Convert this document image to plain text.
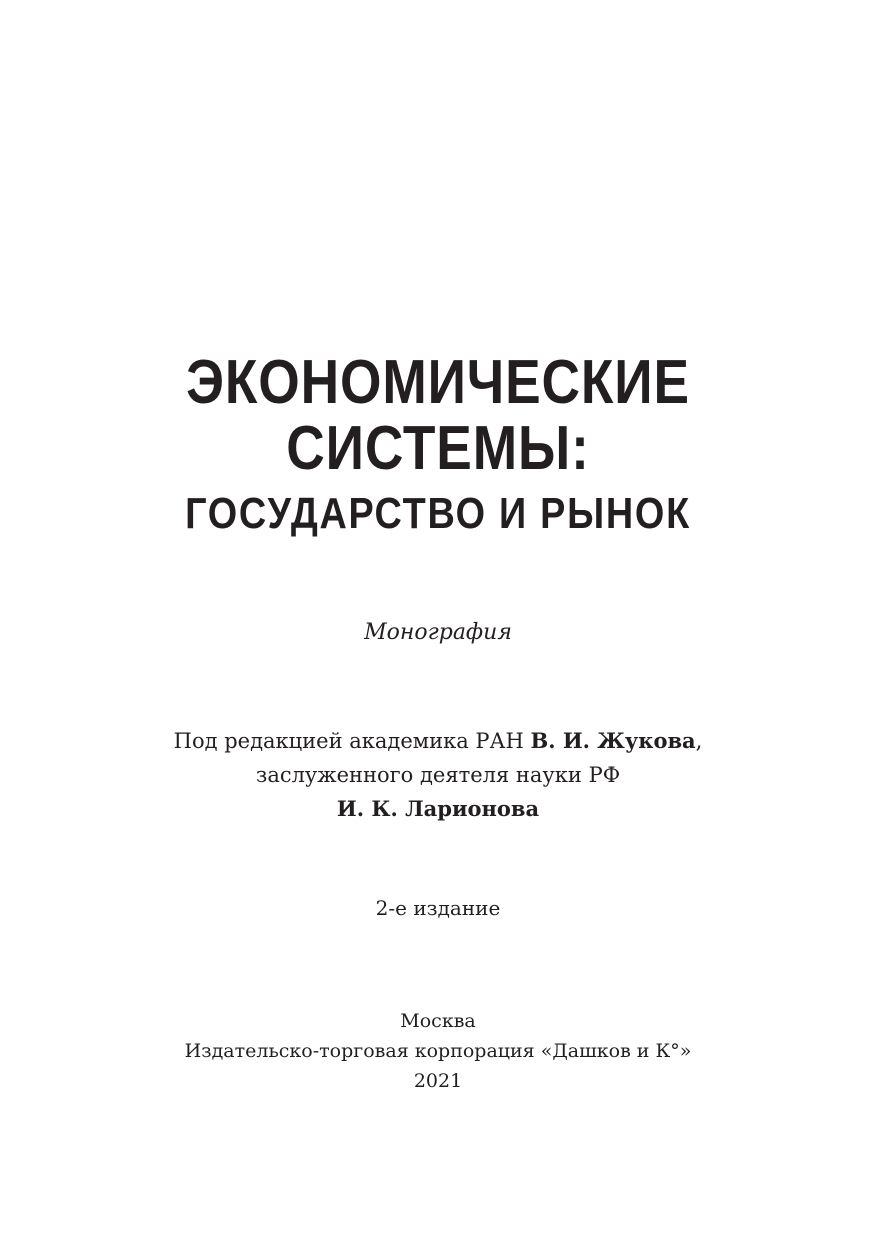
ЭКОНОМИЧЕСКИЕ
СИСТЕМЫ:
ГОСУДАРСТВО И РЫНОК
Монография
Под редакцией академика РАН В. И. Жукова,
заслуженного деятеля науки РФ
И. К. Ларионова
2-е издание
Москва
Издательско-торговая корпорация «Дашков и К°»
2021
